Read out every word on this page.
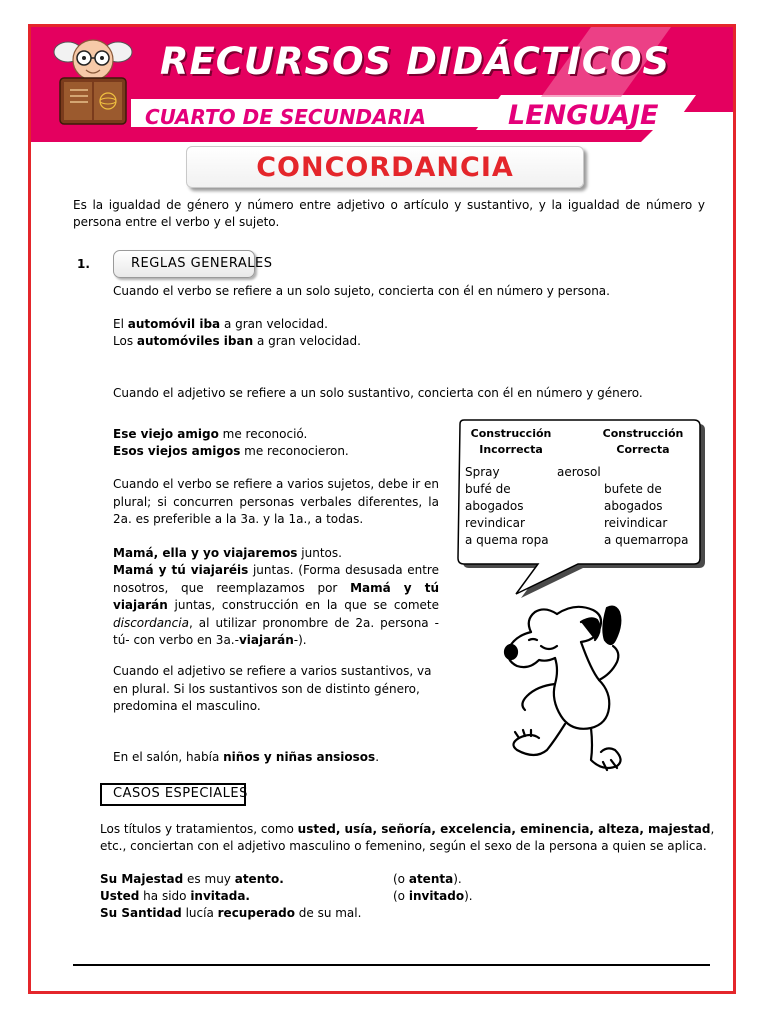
RECURSOS DIDÁCTICOS
CUARTO DE SECUNDARIA	LENGUAJE
CONCORDANCIA
Es la igualdad de género y número entre adjetivo o artículo y sustantivo, y la igualdad de número y persona entre el verbo y el sujeto.
1.	REGLAS GENERALES
Cuando el verbo se refiere a un solo sujeto, concierta con él en número y persona.
El automóvil iba a gran velocidad.
Los automóviles iban a gran velocidad.
Cuando el adjetivo se refiere a un solo sustantivo, concierta con él en número y género.
Ese viejo amigo me reconoció.
Esos viejos amigos me reconocieron.
Cuando el verbo se refiere a varios sujetos, debe ir en plural; si concurren personas verbales diferentes, la 2a. es preferible a la 3a. y la 1a., a todas.
Mamá, ella y yo viajaremos juntos.
Mamá y tú viajaréis juntas. (Forma desusada entre nosotros, que reemplazamos por Mamá y tú viajarán juntas, construcción en la que se comete discordancia, al utilizar pronombre de 2a. persona -tú- con verbo en 3a.-viajarán-).
Cuando el adjetivo se refiere a varios sustantivos, va en plural. Si los sustantivos son de distinto género, predomina el masculino.
En el salón, había niños y niñas ansiosos.
Construcción
Incorrecta
Construcción
Correcta
Spray	aerosol
bufé de	bufete de
abogados	abogados
revindicar	reivindicar
a quema ropa	a quemarropa
CASOS ESPECIALES
Los títulos y tratamientos, como usted, usía, señoría, excelencia, eminencia, alteza, majestad,
etc., conciertan con el adjetivo masculino o femenino, según el sexo de la persona a quien se aplica.
Su Majestad es muy atento.	(o atenta).
Usted ha sido invitada.	(o invitado).
Su Santidad lucía recuperado de su mal.
